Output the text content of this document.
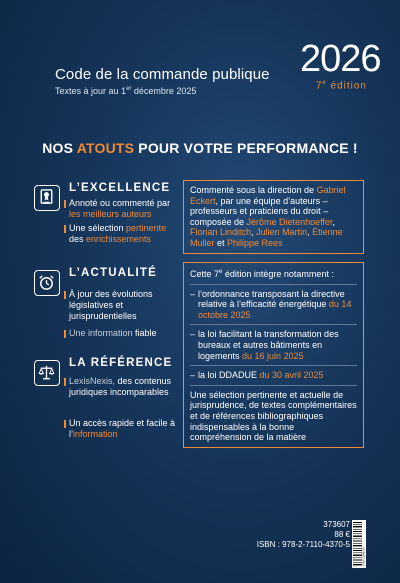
Code de la commande publique
Textes à jour au 1er décembre 2025
2026
7e édition
NOS ATOUTS POUR VOTRE PERFORMANCE !
L’EXCELLENCE
Annoté ou commenté par les meilleurs auteurs
Une sélection pertinente des enrichissements
L’ACTUALITÉ
À jour des évolutions législatives et jurisprudentielles
Une information fiable
LA RÉFÉRENCE
LexisNexis, des contenus juridiques incomparables
Un accès rapide et facile à l’information

Commenté sous la direction de Gabriel Eckert, par une équipe d’auteurs – professeurs et praticiens du droit – composée de Jérôme Dietenhoeffer, Florian Linditch, Julien Martin, Étienne Muller et Philippe Rees

Cette 7e édition intègre notamment :

– l’ordonnance transposant la directive relative à l’efficacité énergétique du 14 octobre 2025
– la loi facilitant la transformation des bureaux et autres bâtiments en logements du 16 juin 2025
– la loi DDADUE du 30 avril 2025

Une sélection pertinente et actuelle de jurisprudence, de textes complémentaires et de références bibliographiques indispensables à la bonne compréhension de la matière

373607
88 €
ISBN : 978-2-7110-4370-5
9782711043705
